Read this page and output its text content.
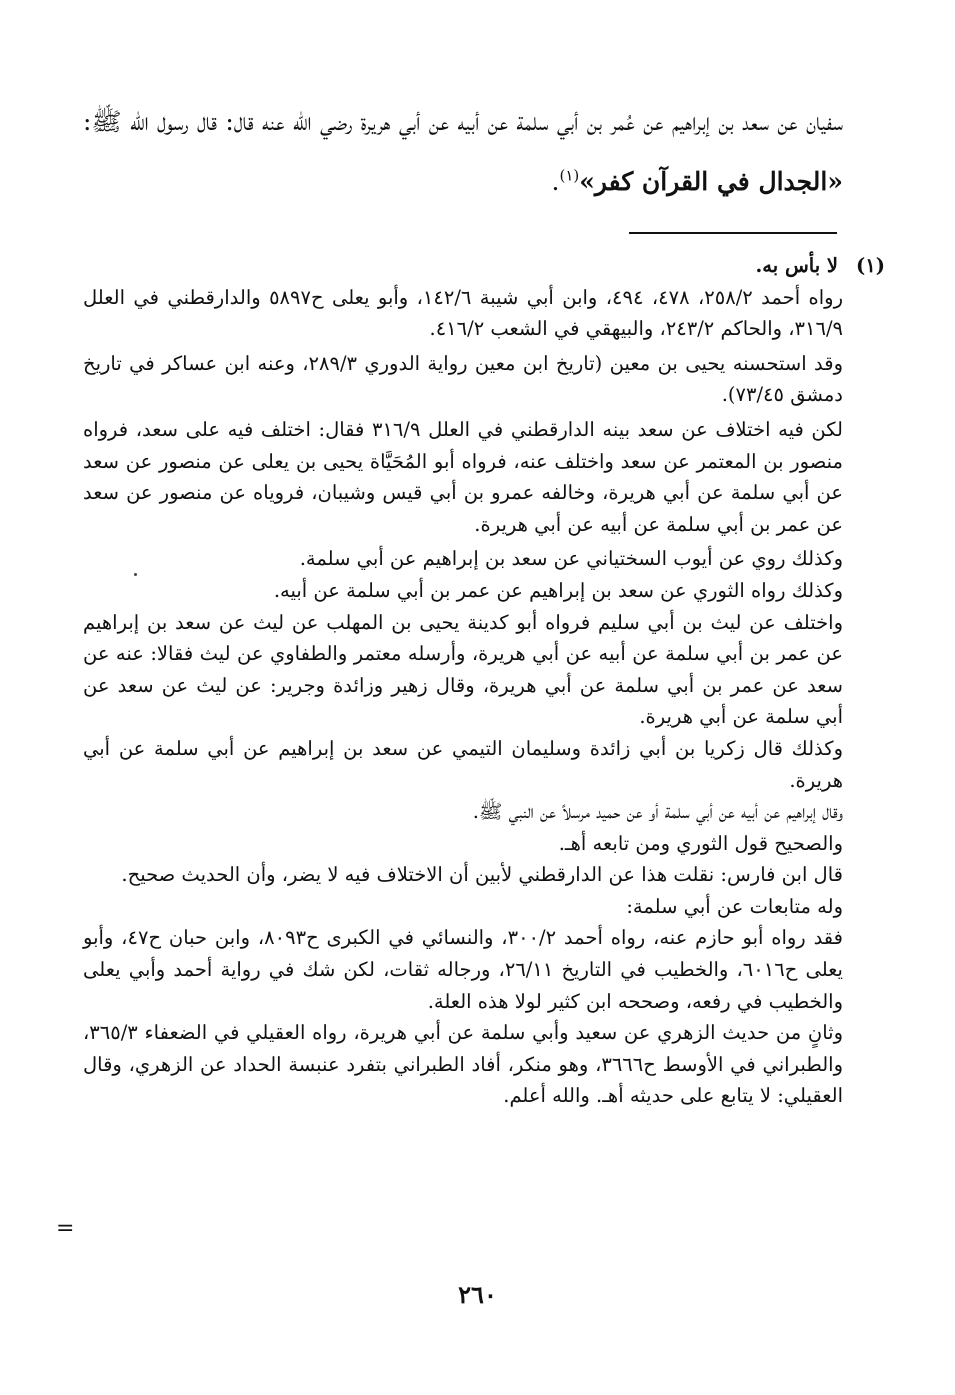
سفيان عن سعد بن إبراهيم عن عُمر بن أبي سلمة عن أبيه عن أبي هريرة رضي الله عنه قال: قال رسول الله ﷺ: «الجدال في القرآن كفر»$^{(١)}$.
(١)
لا بأس به.

رواه أحمد ٢٥٨/٢، ٤٧٨، ٤٩٤، وابن أبي شيبة ١٤٢/٦، وأبو يعلى ح٥٨٩٧ والدارقطني في العلل ٣١٦/٩، والحاكم ٢٤٣/٢، والبيهقي في الشعب ٤١٦/٢.

وقد استحسنه يحيى بن معين (تاريخ ابن معين رواية الدوري ٢٨٩/٣، وعنه ابن عساكر في تاريخ دمشق ٧٣/٤٥).

لكن فيه اختلاف عن سعد بينه الدارقطني في العلل ٣١٦/٩ فقال: اختلف فيه على سعد، فرواه منصور بن المعتمر عن سعد واختلف عنه، فرواه أبو المُحَيَّاة يحيى بن يعلى عن منصور عن سعد عن أبي سلمة عن أبي هريرة، وخالفه عمرو بن أبي قيس وشيبان، فروياه عن منصور عن سعد عن عمر بن أبي سلمة عن أبيه عن أبي هريرة.

وكذلك روي عن أيوب السختياني عن سعد بن إبراهيم عن أبي سلمة.

وكذلك رواه الثوري عن سعد بن إبراهيم عن عمر بن أبي سلمة عن أبيه.

واختلف عن ليث بن أبي سليم فرواه أبو كدينة يحيى بن المهلب عن ليث عن سعد بن إبراهيم عن عمر بن أبي سلمة عن أبيه عن أبي هريرة، وأرسله معتمر والطفاوي عن ليث فقالا: عنه عن سعد عن عمر بن أبي سلمة عن أبي هريرة، وقال زهير وزائدة وجرير: عن ليث عن سعد عن أبي سلمة عن أبي هريرة.

وكذلك قال زكريا بن أبي زائدة وسليمان التيمي عن سعد بن إبراهيم عن أبي سلمة عن أبي هريرة.

وقال إبراهيم عن أبيه عن أبي سلمة أو عن حميد مرسلاً عن النبي ﷺ.

والصحيح قول الثوري ومن تابعه أهـ.

قال ابن فارس: نقلت هذا عن الدارقطني لأبين أن الاختلاف فيه لا يضر، وأن الحديث صحيح.

وله متابعات عن أبي سلمة:

فقد رواه أبو حازم عنه، رواه أحمد ٣٠٠/٢، والنسائي في الكبرى ح٨٠٩٣، وابن حبان ح٤٧، وأبو يعلى ح٦٠١٦، والخطيب في التاريخ ٢٦/١١، ورجاله ثقات، لكن شك في رواية أحمد وأبي يعلى والخطيب في رفعه، وصححه ابن كثير لولا هذه العلة.

وثانٍ من حديث الزهري عن سعيد وأبي سلمة عن أبي هريرة، رواه العقيلي في الضعفاء ٣٦٥/٣، والطبراني في الأوسط ح٣٦٦٦، وهو منكر، أفاد الطبراني بتفرد عنبسة الحداد عن الزهري، وقال العقيلي: لا يتابع على حديثه أهـ. والله أعلم.

=
٢٦٠
